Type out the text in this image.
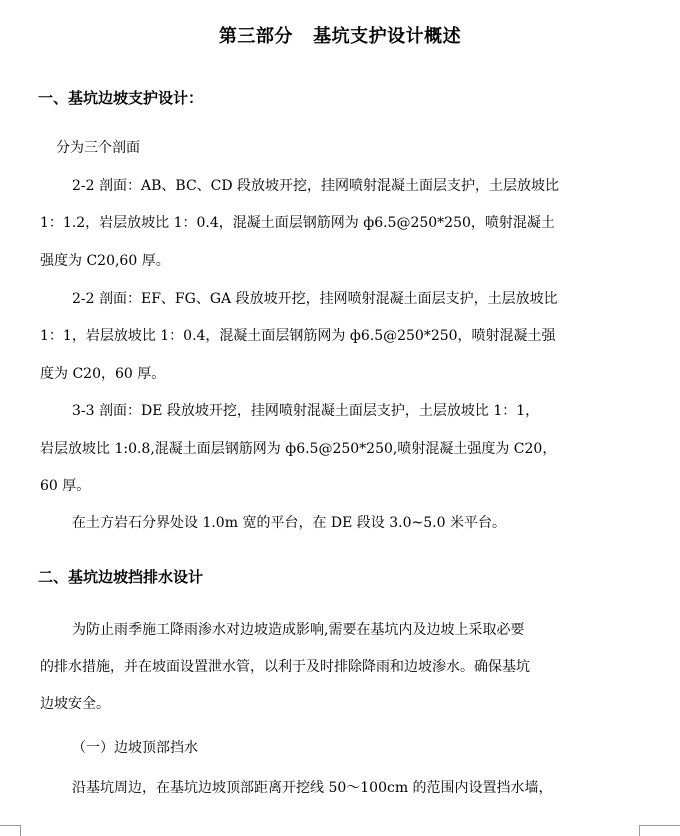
第三部分   基坑支护设计概述
一、基坑边坡支护设计：
分为三个剖面
2-2 剖面：AB、BC、CD 段放坡开挖，挂网喷射混凝土面层支护，土层放坡比
1：1.2，岩层放坡比 1：0.4，混凝土面层钢筋网为 ф6.5@250*250，喷射混凝土
强度为 C20,60 厚。
2-2 剖面：EF、FG、GA 段放坡开挖，挂网喷射混凝土面层支护，土层放坡比
1：1，岩层放坡比 1：0.4，混凝土面层钢筋网为 ф6.5@250*250，喷射混凝土强
度为 C20，60 厚。
3-3 剖面：DE 段放坡开挖，挂网喷射混凝土面层支护，土层放坡比 1：1，
岩层放坡比 1:0.8,混凝土面层钢筋网为 ф6.5@250*250,喷射混凝土强度为 C20，
60 厚。
在土方岩石分界处设 1.0m 宽的平台，在 DE 段设 3.0~5.0 米平台。
二、基坑边坡挡排水设计
为防止雨季施工降雨渗水对边坡造成影响,需要在基坑内及边坡上采取必要
的排水措施，并在坡面设置泄水管，以利于及时排除降雨和边坡渗水。确保基坑
边坡安全。
（一）边坡顶部挡水
沿基坑周边，在基坑边坡顶部距离开挖线 50～100cm 的范围内设置挡水墙，
